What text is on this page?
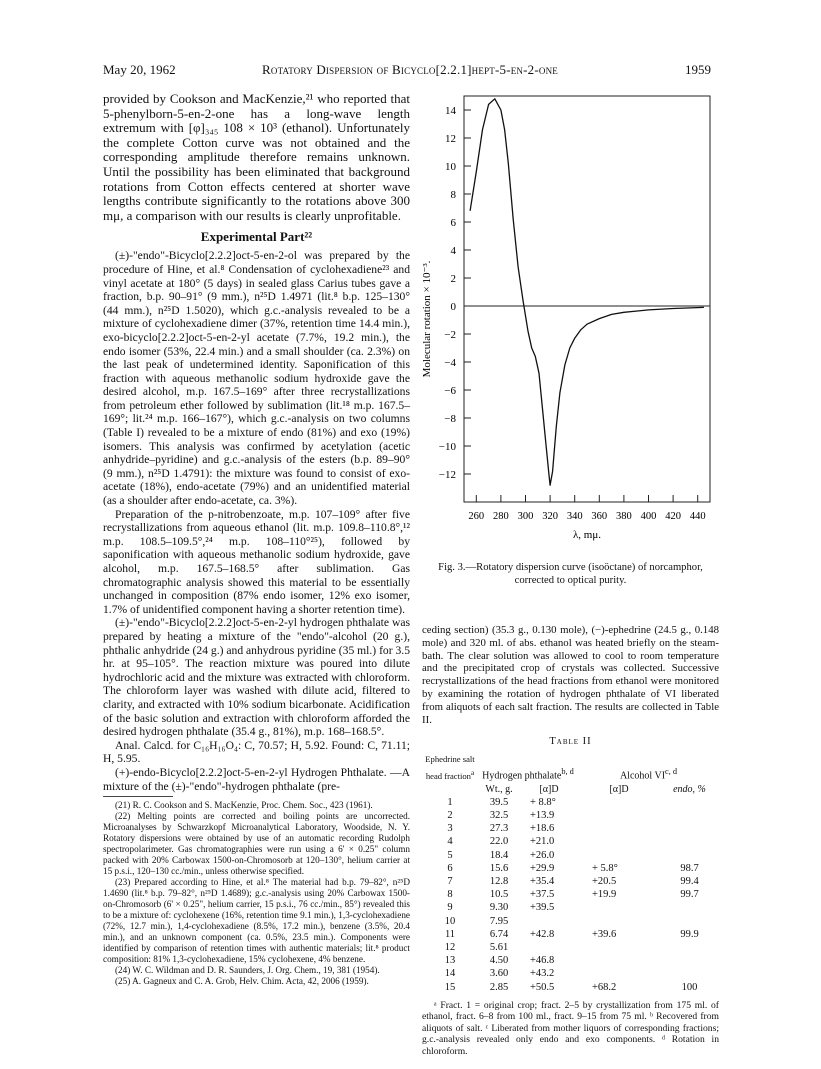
May 20, 1962	Rotatory Dispersion of Bicyclo[2.2.1]hept-5-en-2-one	1959

provided by Cookson and MacKenzie,²¹ who reported that 5-phenylborn-5-en-2-one has a long-wave length extremum with [φ]₃₄₅ 108 × 10³ (ethanol). Unfortunately the complete Cotton curve was not obtained and the corresponding amplitude therefore remains unknown. Until the possibility has been eliminated that background rotations from Cotton effects centered at shorter wave lengths contribute significantly to the rotations above 300 mμ, a comparison with our results is clearly unprofitable.

Experimental Part²²

(±)-"endo"-Bicyclo[2.2.2]oct-5-en-2-ol was prepared by the procedure of Hine, et al.⁸ Condensation of cyclohexadiene²³ and vinyl acetate at 180° (5 days) in sealed glass Carius tubes gave a fraction, b.p. 90–91° (9 mm.), n²⁵D 1.4971 (lit.⁸ b.p. 125–130° (44 mm.), n²⁵D 1.5020), which g.c.-analysis revealed to be a mixture of cyclohexadiene dimer (37%, retention time 14.4 min.), exo-bicyclo[2.2.2]oct-5-en-2-yl acetate (7.7%, 19.2 min.), the endo isomer (53%, 22.4 min.) and a small shoulder (ca. 2.3%) on the last peak of undetermined identity. Saponification of this fraction with aqueous methanolic sodium hydroxide gave the desired alcohol, m.p. 167.5–169° after three recrystallizations from petroleum ether followed by sublimation (lit.¹⁸ m.p. 167.5–169°; lit.²⁴ m.p. 166–167°), which g.c.-analysis on two columns (Table I) revealed to be a mixture of endo (81%) and exo (19%) isomers. This analysis was confirmed by acetylation (acetic anhydride–pyridine) and g.c.-analysis of the esters (b.p. 89–90° (9 mm.), n²⁵D 1.4791): the mixture was found to consist of exo-acetate (18%), endo-acetate (79%) and an unidentified material (as a shoulder after endo-acetate, ca. 3%).

Preparation of the p-nitrobenzoate, m.p. 107–109° after five recrystallizations from aqueous ethanol (lit. m.p. 109.8–110.8°,¹² m.p. 108.5–109.5°,²⁴ m.p. 108–110°²⁵), followed by saponification with aqueous methanolic sodium hydroxide, gave alcohol, m.p. 167.5–168.5° after sublimation. Gas chromatographic analysis showed this material to be essentially unchanged in composition (87% endo isomer, 12% exo isomer, 1.7% of unidentified component having a shorter retention time).

(±)-"endo"-Bicyclo[2.2.2]oct-5-en-2-yl hydrogen phthalate was prepared by heating a mixture of the "endo"-alcohol (20 g.), phthalic anhydride (24 g.) and anhydrous pyridine (35 ml.) for 3.5 hr. at 95–105°. The reaction mixture was poured into dilute hydrochloric acid and the mixture was extracted with chloroform. The chloroform layer was washed with dilute acid, filtered to clarity, and extracted with 10% sodium bicarbonate. Acidification of the basic solution and extraction with chloroform afforded the desired hydrogen phthalate (35.4 g., 81%), m.p. 168–168.5°.

Anal. Calcd. for C₁₆H₁₆O₄: C, 70.57; H, 5.92. Found: C, 71.11; H, 5.95.

(+)-endo-Bicyclo[2.2.2]oct-5-en-2-yl Hydrogen Phthalate. —A mixture of the (±)-"endo"-hydrogen phthalate (pre-

(21) R. C. Cookson and S. MacKenzie, Proc. Chem. Soc., 423 (1961).

(22) Melting points are corrected and boiling points are uncorrected. Microanalyses by Schwarzkopf Microanalytical Laboratory, Woodside, N. Y. Rotatory dispersions were obtained by use of an automatic recording Rudolph spectropolarimeter. Gas chromatographies were run using a 6' × 0.25" column packed with 20% Carbowax 1500-on-Chromosorb at 120–130°, helium carrier at 15 p.s.i., 120–130 cc./min., unless otherwise specified.

(23) Prepared according to Hine, et al.⁸ The material had b.p. 79–82°, n²⁵D 1.4690 (lit.⁸ b.p. 79–82°, n²⁵D 1.4689); g.c.-analysis using 20% Carbowax 1500-on-Chromosorb (6' × 0.25", helium carrier, 15 p.s.i., 76 cc./min., 85°) revealed this to be a mixture of: cyclohexene (16%, retention time 9.1 min.), 1,3-cyclohexadiene (72%, 12.7 min.), 1,4-cyclohexadiene (8.5%, 17.2 min.), benzene (3.5%, 20.4 min.), and an unknown component (ca. 0.5%, 23.5 min.). Components were identified by comparison of retention times with authentic materials; lit.⁸ product composition: 81% 1,3-cyclohexadiene, 15% cyclohexene, 4% benzene.

(24) W. C. Wildman and D. R. Saunders, J. Org. Chem., 19, 381 (1954).

(25) A. Gagneux and C. A. Grob, Helv. Chim. Acta, 42, 2006 (1959).

14
12
10
8
6
4
2
0
−2
−4
−6
−8
−10
−12
260 280 300 320 340 360 380 400 420 440
Molecular rotation × 10⁻³.
λ, mμ.
Fig. 3.—Rotatory dispersion curve (isoöctane) of norcamphor, corrected to optical purity.

ceding section) (35.3 g., 0.130 mole), (−)-ephedrine (24.5 g., 0.148 mole) and 320 ml. of abs. ethanol was heated briefly on the steam-bath. The clear solution was allowed to cool to room temperature and the precipitated crop of crystals was collected. Successive recrystallizations of the head fractions from ethanol were monitored by examining the rotation of hydrogen phthalate of VI liberated from aliquots of each salt fraction. The results are collected in Table II.

Table II
Ephedrine salt head fraction$^a$	Hydrogen phthalate$^{b, d}$		Alcohol VI$^{c, d}$
	Wt., g.	[α]D	[α]D	endo, %
1	39.5	+ 8.8°		
2	32.5	+13.9		
3	27.3	+18.6		
4	22.0	+21.0		
5	18.4	+26.0		
6	15.6	+29.9	+ 5.8°	98.7
7	12.8	+35.4	+20.5	99.4
8	10.5	+37.5	+19.9	99.7
9	9.30	+39.5		
10	7.95			
11	6.74	+42.8	+39.6	99.9
12	5.61			
13	4.50	+46.8		
14	3.60	+43.2		
15	2.85	+50.5	+68.2	100

ᵃ Fract. 1 = original crop; fract. 2–5 by crystallization from 175 ml. of ethanol, fract. 6–8 from 100 ml., fract. 9–15 from 75 ml. ᵇ Recovered from aliquots of salt. ᶜ Liberated from mother liquors of corresponding fractions; g.c.-analysis revealed only endo and exo components. ᵈ Rotation in chloroform.
